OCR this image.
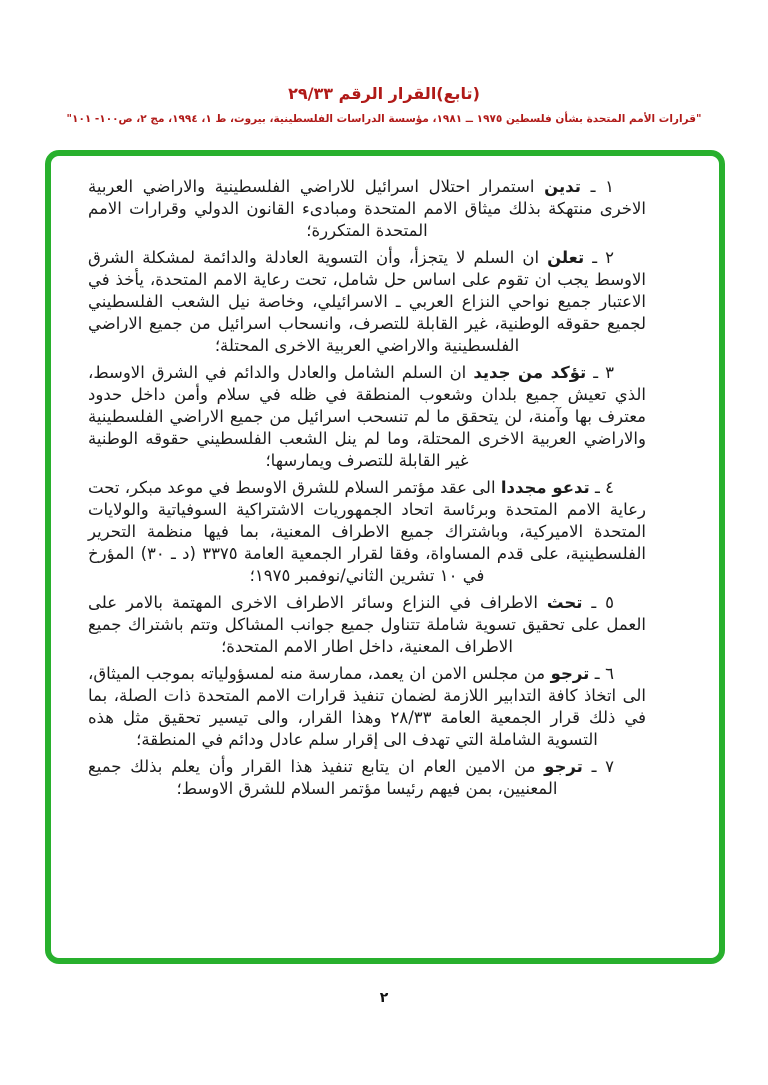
(تابع)القرار الرقم ٢٩/٣٣
"قرارات الأمم المتحدة بشأن فلسطين ١٩٧٥ ــ ١٩٨١، مؤسسة الدراسات الفلسطينية، بيروت، ط ١، ١٩٩٤، مج ٢، ص١٠٠- ١٠١"

١ ـ تدين استمرار احتلال اسرائيل للاراضي الفلسطينية والاراضي العربية الاخرى منتهكة بذلك ميثاق الامم المتحدة ومبادىء القانون الدولي وقرارات الامم المتحدة المتكررة؛

٢ ـ تعلن ان السلم لا يتجزأ، وأن التسوية العادلة والدائمة لمشكلة الشرق الاوسط يجب ان تقوم على اساس حل شامل، تحت رعاية الامم المتحدة، يأخذ في الاعتبار جميع نواحي النزاع العربي ـ الاسرائيلي، وخاصة نيل الشعب الفلسطيني لجميع حقوقه الوطنية، غير القابلة للتصرف، وانسحاب اسرائيل من جميع الاراضي الفلسطينية والاراضي العربية الاخرى المحتلة؛

٣ ـ تؤكد من جديد ان السلم الشامل والعادل والدائم في الشرق الاوسط، الذي تعيش جميع بلدان وشعوب المنطقة في ظله في سلام وأمن داخل حدود معترف بها وآمنة، لن يتحقق ما لم تنسحب اسرائيل من جميع الاراضي الفلسطينية والاراضي العربية الاخرى المحتلة، وما لم ينل الشعب الفلسطيني حقوقه الوطنية غير القابلة للتصرف ويمارسها؛

٤ ـ تدعو مجددا الى عقد مؤتمر السلام للشرق الاوسط في موعد مبكر، تحت رعاية الامم المتحدة وبرئاسة اتحاد الجمهوريات الاشتراكية السوفياتية والولايات المتحدة الاميركية، وباشتراك جميع الاطراف المعنية، بما فيها منظمة التحرير الفلسطينية، على قدم المساواة، وفقا لقرار الجمعية العامة ٣٣٧٥ (د ـ ٣٠) المؤرخ في ١٠ تشرين الثاني/نوفمبر ١٩٧٥؛

٥ ـ تحث الاطراف في النزاع وسائر الاطراف الاخرى المهتمة بالامر على العمل على تحقيق تسوية شاملة تتناول جميع جوانب المشاكل وتتم باشتراك جميع الاطراف المعنية، داخل اطار الامم المتحدة؛

٦ ـ ترجو من مجلس الامن ان يعمد، ممارسة منه لمسؤولياته بموجب الميثاق، الى اتخاذ كافة التدابير اللازمة لضمان تنفيذ قرارات الامم المتحدة ذات الصلة، بما في ذلك قرار الجمعية العامة ٢٨/٣٣ وهذا القرار، والى تيسير تحقيق مثل هذه التسوية الشاملة التي تهدف الى إقرار سلم عادل ودائم في المنطقة؛

٧ ـ ترجو من الامين العام ان يتابع تنفيذ هذا القرار وأن يعلم بذلك جميع المعنيين، بمن فيهم رئيسا مؤتمر السلام للشرق الاوسط؛

٢
